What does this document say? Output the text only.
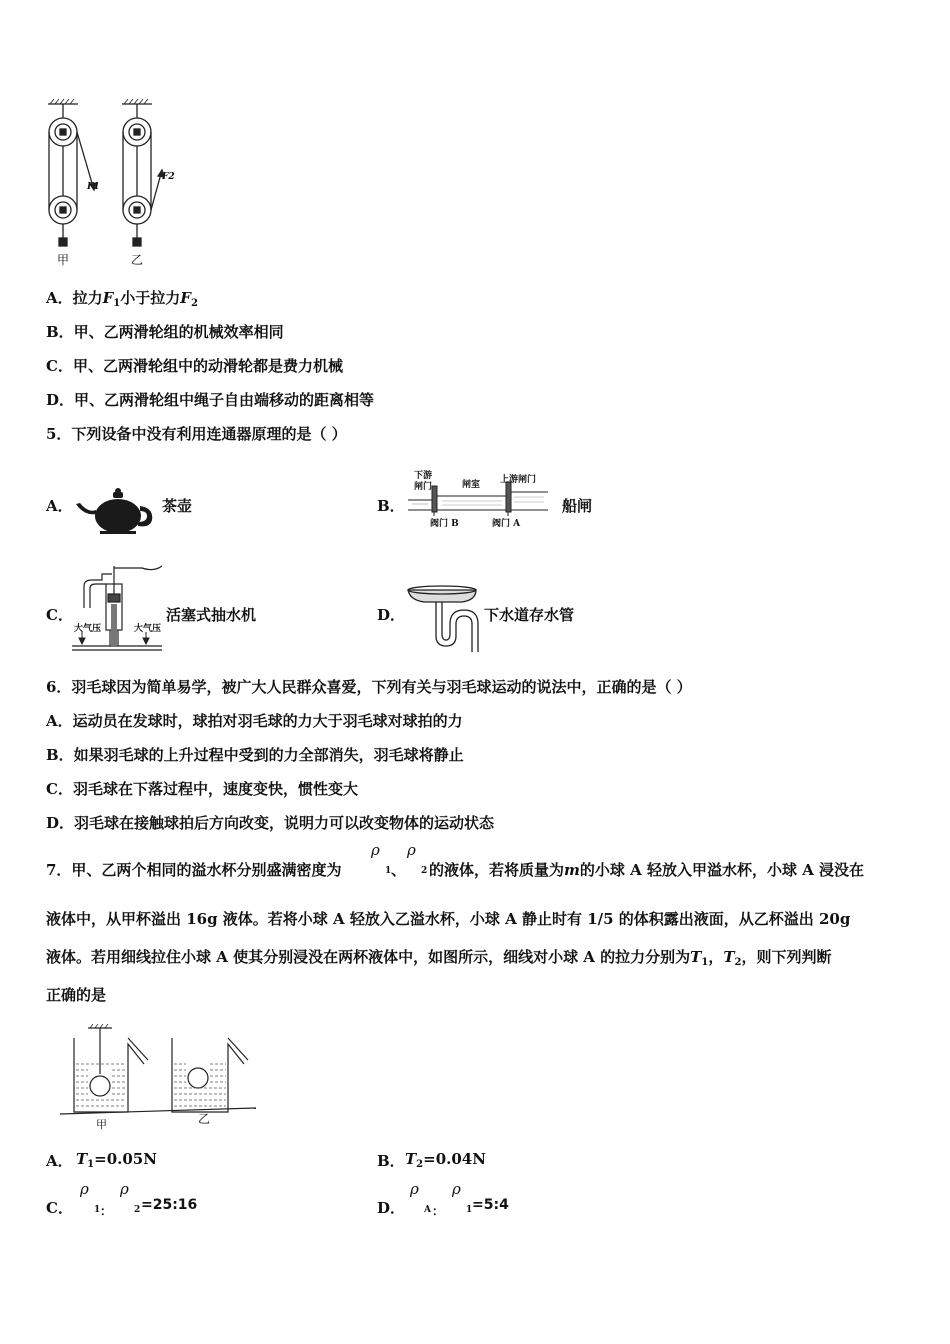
F1
F2
甲	乙
A．拉力$F_1$小于拉力$F_2$
B．甲、乙两滑轮组的机械效率相同
C．甲、乙两滑轮组中的动滑轮都是费力机械
D．甲、乙两滑轮组中绳子自由端移动的距离相等
5．下列设备中没有利用连通器原理的是（ ）
A．	茶壶	B．
下游
闸门	闸室 上游闸门
阀门 B	阀门 A
船闸
C．
大气压	大气压
活塞式抽水机	D．	下水道存水管
6．羽毛球因为简单易学，被广大人民群众喜爱，下列有关与羽毛球运动的说法中，正确的是（ ）
A．运动员在发球时，球拍对羽毛球的力大于羽毛球对球拍的力
B．如果羽毛球的上升过程中受到的力全部消失，羽毛球将静止
C．羽毛球在下落过程中，速度变快，惯性变大
D．羽毛球在接触球拍后方向改变，说明力可以改变物体的运动状态
7．甲、乙两个相同的溢水杯分别盛满密度为
ρ
1 、
ρ
2 的液体，若将质量为m的小球 A 轻放入甲溢水杯，小球 A 浸没在
液体中，从甲杯溢出 16g 液体。若将小球 A 轻放入乙溢水杯，小球 A 静止时有 1/5 的体积露出液面，从乙杯溢出 20g
液体。若用细线拉住小球 A 使其分别浸没在两杯液体中，如图所示，细线对小球 A 的拉力分别为$T_1$，$T_2$，则下列判断
正确的是
甲	乙
A． $T_1=0.05N$	B． $T_2=0.04N$
C．
ρ
1 ：
ρ
2 =25:16	D．
ρ
A ：
ρ
1 =5:4
